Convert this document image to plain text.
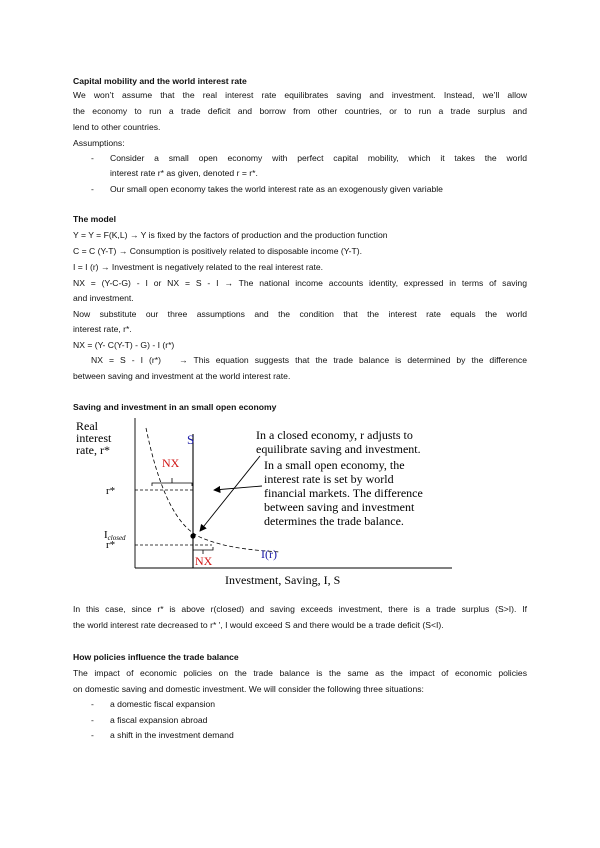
Capital mobility and the world interest rate
We won’t assume that the real interest rate equilibrates saving and investment. Instead, we’ll allow
the economy to run a trade deficit and borrow from other countries, or to run a trade surplus and
lend to other countries.
Assumptions:
- Consider a small open economy with perfect capital mobility, which it takes the world
interest rate r* as given, denoted r = r*.
- Our small open economy takes the world interest rate as an exogenously given variable
The model
Y = Y = F(K,L) → Y is fixed by the factors of production and the production function
C = C (Y-T) → Consumption is positively related to disposable income (Y-T).
I = I (r) → Investment is negatively related to the real interest rate.
NX = (Y-C-G) - I or NX = S - I → The national income accounts identity, expressed in terms of saving
and investment.
Now substitute our three assumptions and the condition that the interest rate equals the world
interest rate, r*.
NX = (Y- C(Y-T) - G) - I (r*)
NX = S - I (r*)   → This equation suggests that the trade balance is determined by the difference
between saving and investment at the world interest rate.
Saving and investment in an small open economy
Real interest rate, r*
S
I(r)
r*
NX
Iclosed
r*
NX
In a closed economy, r adjusts to equilibrate saving and investment.
In a small open economy, the interest rate is set by world financial markets. The difference between saving and investment determines the trade balance.
Investment, Saving, I, S
In this case, since r* is above r(closed) and saving exceeds investment, there is a trade surplus (S>I). If
the world interest rate decreased to r* ', I would exceed S and there would be a trade deficit (S<I).
How policies influence the trade balance
The impact of economic policies on the trade balance is the same as the impact of economic policies
on domestic saving and domestic investment. We will consider the following three situations:
- a domestic fiscal expansion
- a fiscal expansion abroad
- a shift in the investment demand
